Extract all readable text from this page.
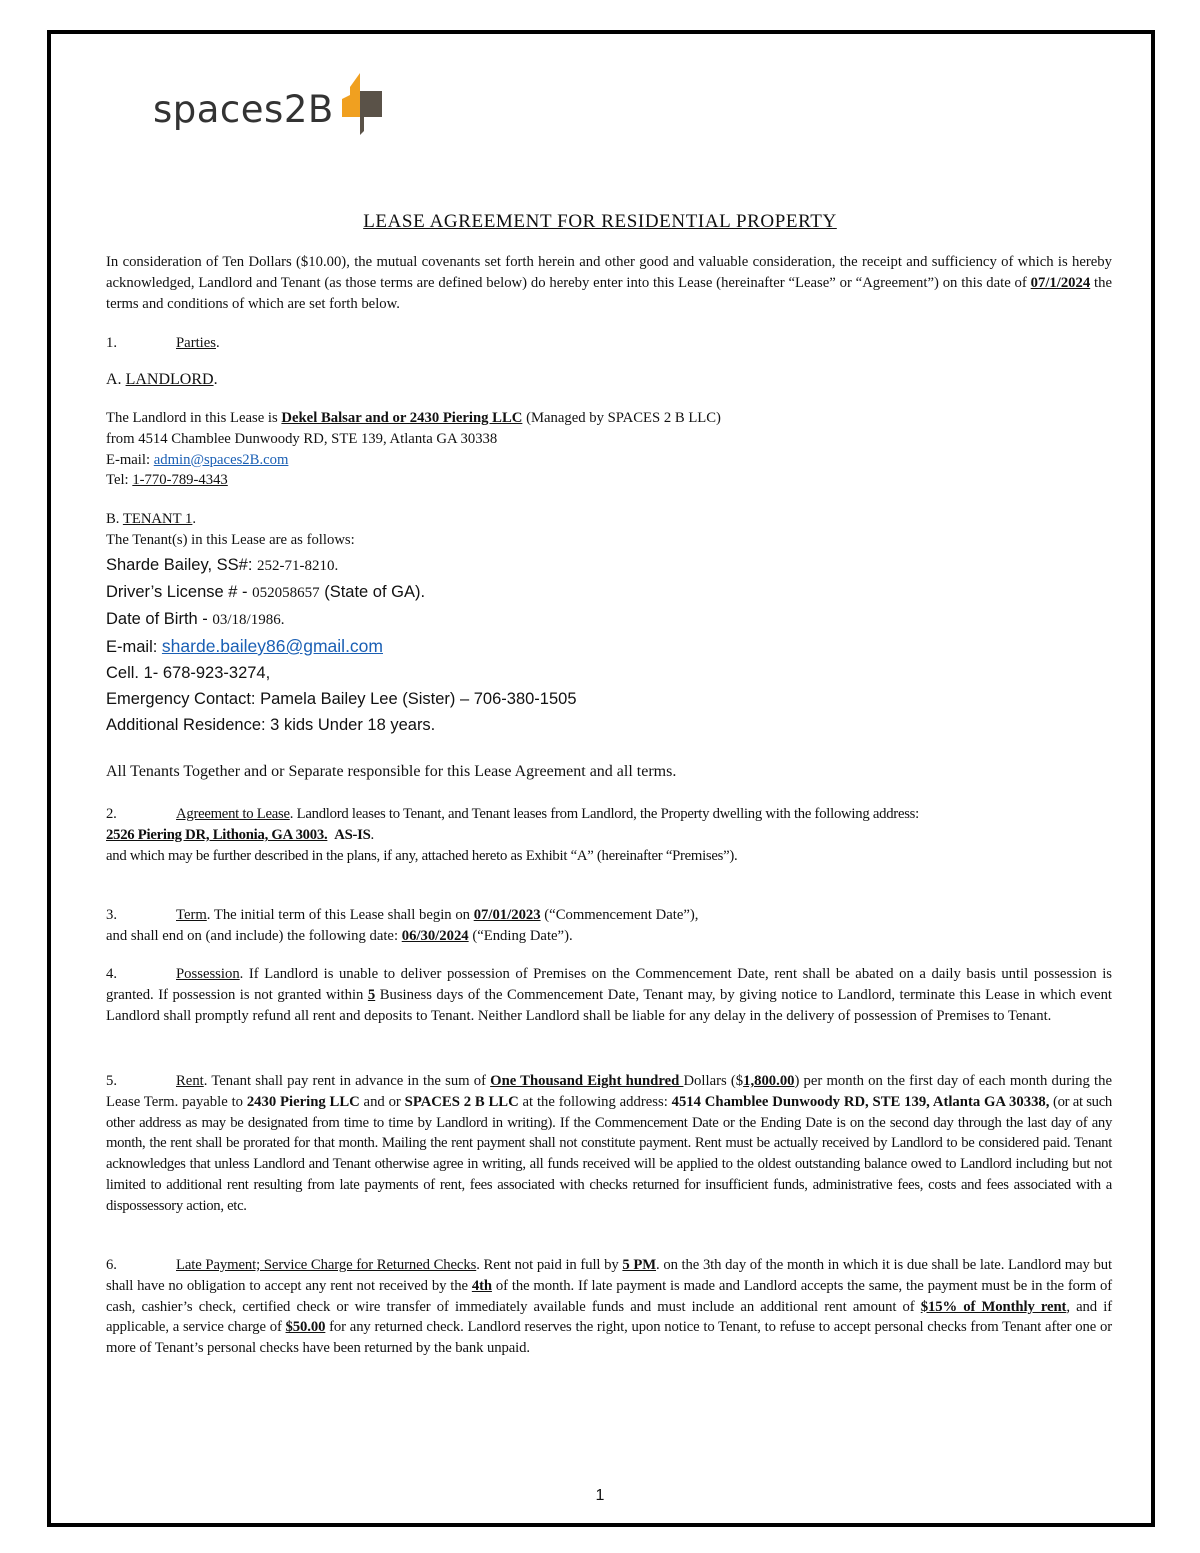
spaces2B
LEASE AGREEMENT FOR RESIDENTIAL PROPERTY
In consideration of Ten Dollars ($10.00), the mutual covenants set forth herein and other good and valuable consideration, the receipt and sufficiency of which is hereby acknowledged, Landlord and Tenant (as those terms are defined below) do hereby enter into this Lease (hereinafter “Lease” or “Agreement”) on this date of 07/1/2024 the terms and conditions of which are set forth below.
1.	Parties.
A. LANDLORD.

The Landlord in this Lease is Dekel Balsar and or 2430 Piering LLC (Managed by SPACES 2 B LLC)

from 4514 Chamblee Dunwoody RD, STE 139, Atlanta GA 30338

E-mail: admin@spaces2B.com

Tel: 1-770-789-4343

B. TENANT 1.

The Tenant(s) in this Lease are as follows:

Sharde Bailey, SS#: 252-71-8210.

Driver’s License # - 052058657 (State of GA).

Date of Birth - 03/18/1986.

E-mail: sharde.bailey86@gmail.com

Cell. 1- 678-923-3274,

Emergency Contact: Pamela Bailey Lee (Sister) – 706-380-1505

Additional Residence: 3 kids Under 18 years.

All Tenants Together and or Separate responsible for this Lease Agreement and all terms.

2.	Agreement to Lease. Landlord leases to Tenant, and Tenant leases from Landlord, the Property dwelling with the following address:

2526 Piering DR, Lithonia, GA 3003. AS-IS.

and which may be further described in the plans, if any, attached hereto as Exhibit “A” (hereinafter “Premises”).

3.	Term. The initial term of this Lease shall begin on 07/01/2023 (“Commencement Date”),

and shall end on (and include) the following date: 06/30/2024 (“Ending Date”).

4.	Possession. If Landlord is unable to deliver possession of Premises on the Commencement Date, rent shall be abated on a daily basis until possession is granted. If possession is not granted within 5 Business days of the Commencement Date, Tenant may, by giving notice to Landlord, terminate this Lease in which event Landlord shall promptly refund all rent and deposits to Tenant. Neither Landlord shall be liable for any delay in the delivery of possession of Premises to Tenant.
5.	Rent. Tenant shall pay rent in advance in the sum of One Thousand Eight hundred Dollars ($1,800.00) per month on the first day of each month during the Lease Term. payable to 2430 Piering LLC and or SPACES 2 B LLC at the following address: 4514 Chamblee Dunwoody RD, STE 139, Atlanta GA 30338, (or at such other address as may be designated from time to time by Landlord in writing). If the Commencement Date or the Ending Date is on the second day through the last day of any month, the rent shall be prorated for that month. Mailing the rent payment shall not constitute payment. Rent must be actually received by Landlord to be considered paid. Tenant acknowledges that unless Landlord and Tenant otherwise agree in writing, all funds received will be applied to the oldest outstanding balance owed to Landlord including but not limited to additional rent resulting from late payments of rent, fees associated with checks returned for insufficient funds, administrative fees, costs and fees associated with a dispossessory action, etc.
6.	Late Payment; Service Charge for Returned Checks. Rent not paid in full by 5 PM. on the 3th day of the month in which it is due shall be late. Landlord may but shall have no obligation to accept any rent not received by the 4th of the month. If late payment is made and Landlord accepts the same, the payment must be in the form of cash, cashier’s check, certified check or wire transfer of immediately available funds and must include an additional rent amount of $15% of Monthly rent, and if applicable, a service charge of $50.00 for any returned check. Landlord reserves the right, upon notice to Tenant, to refuse to accept personal checks from Tenant after one or more of Tenant’s personal checks have been returned by the bank unpaid.
1
